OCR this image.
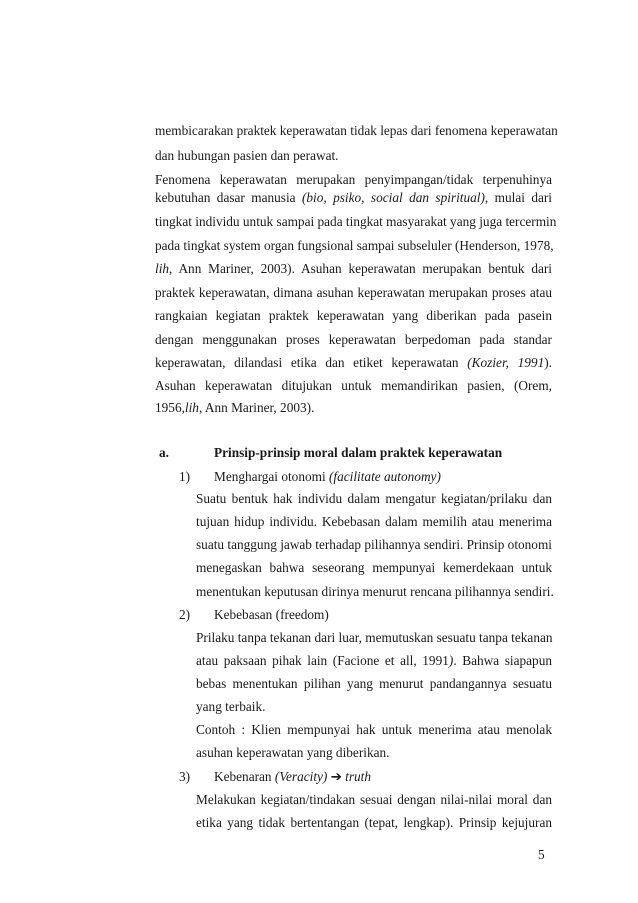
membicarakan praktek keperawatan tidak lepas dari fenomena keperawatan
dan hubungan pasien dan perawat.
Fenomena keperawatan merupakan penyimpangan/tidak terpenuhinya
kebutuhan dasar manusia (bio, psiko, social dan spiritual), mulai dari
tingkat individu untuk sampai pada tingkat masyarakat yang juga tercermin
pada tingkat system organ fungsional sampai subseluler (Henderson, 1978,
lih, Ann Mariner, 2003). Asuhan keperawatan merupakan bentuk dari
praktek keperawatan, dimana asuhan keperawatan merupakan proses atau
rangkaian kegiatan praktek keperawatan yang diberikan pada pasein
dengan menggunakan proses keperawatan berpedoman pada standar
keperawatan, dilandasi etika dan etiket keperawatan (Kozier, 1991).
Asuhan keperawatan ditujukan untuk memandirikan pasien, (Orem,
1956,lih, Ann Mariner, 2003).
a.	Prinsip-prinsip moral dalam praktek keperawatan
1) Menghargai otonomi (facilitate autonomy)
Suatu bentuk hak individu dalam mengatur kegiatan/prilaku dan
tujuan hidup individu. Kebebasan dalam memilih atau menerima
suatu tanggung jawab terhadap pilihannya sendiri. Prinsip otonomi
menegaskan bahwa seseorang mempunyai kemerdekaan untuk
menentukan keputusan dirinya menurut rencana pilihannya sendiri.
2) Kebebasan (freedom)
Prilaku tanpa tekanan dari luar, memutuskan sesuatu tanpa tekanan
atau paksaan pihak lain (Facione et all, 1991). Bahwa siapapun
bebas menentukan pilihan yang menurut pandangannya sesuatu
yang terbaik.
Contoh : Klien mempunyai hak untuk menerima atau menolak
asuhan keperawatan yang diberikan.
3) Kebenaran (Veracity) ➔ truth
Melakukan kegiatan/tindakan sesuai dengan nilai-nilai moral dan
etika yang tidak bertentangan (tepat, lengkap). Prinsip kejujuran
5
